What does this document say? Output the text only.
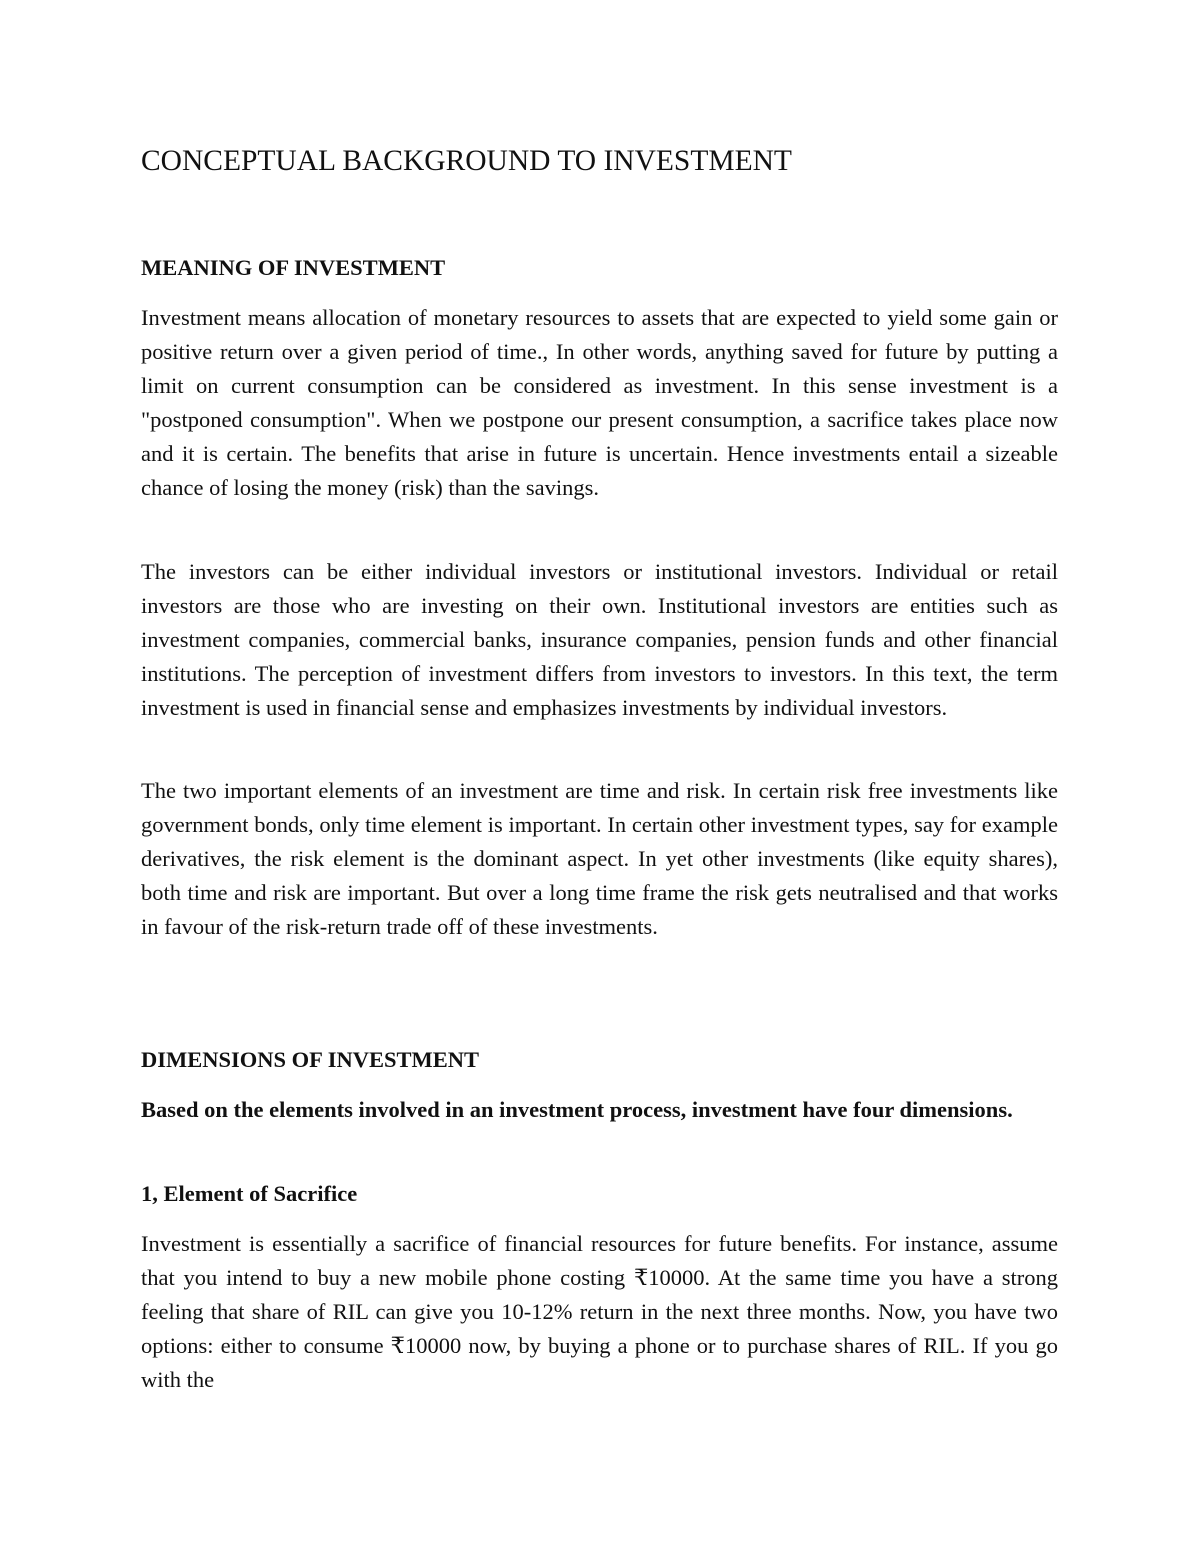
CONCEPTUAL BACKGROUND TO INVESTMENT
MEANING OF INVESTMENT

Investment means allocation of monetary resources to assets that are expected to yield some gain or positive return over a given period of time., In other words, anything saved for future by putting a limit on current consumption can be considered as investment. In this sense investment is a "postponed consumption". When we postpone our present consumption, a sacrifice takes place now and it is certain. The benefits that arise in future is uncertain. Hence investments entail a sizeable chance of losing the money (risk) than the savings.

The investors can be either individual investors or institutional investors. Individual or retail investors are those who are investing on their own. Institutional investors are entities such as investment companies, commercial banks, insurance companies, pension funds and other financial institutions. The perception of investment differs from investors to investors. In this text, the term investment is used in financial sense and emphasizes investments by individual investors.

The two important elements of an investment are time and risk. In certain risk free investments like government bonds, only time element is important. In certain other investment types, say for example derivatives, the risk element is the dominant aspect. In yet other investments (like equity shares), both time and risk are important. But over a long time frame the risk gets neutralised and that works in favour of the risk-return trade off of these investments.

DIMENSIONS OF INVESTMENT

Based on the elements involved in an investment process, investment have four dimensions.

1, Element of Sacrifice

Investment is essentially a sacrifice of financial resources for future benefits. For instance, assume that you intend to buy a new mobile phone costing ₹10000. At the same time you have a strong feeling that share of RIL can give you 10-12% return in the next three months. Now, you have two options: either to consume ₹10000 now, by buying a phone or to purchase shares of RIL. If you go with the
